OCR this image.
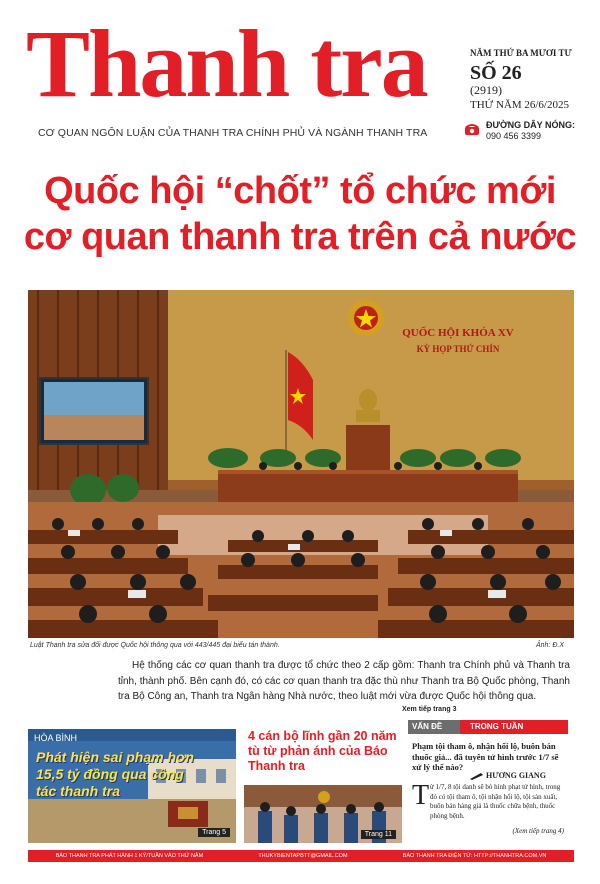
Thanh tra
CƠ QUAN NGÔN LUẬN CỦA THANH TRA CHÍNH PHỦ VÀ NGÀNH THANH TRA
NĂM THỨ BA MƯƠI TƯ
SỐ 26
(2919)
THỨ NĂM 26/6/2025
ĐƯỜNG DÂY NÓNG:
090 456 3399
Quốc hội “chốt” tổ chức mới
cơ quan thanh tra trên cả nước
QUỐC HỘI KHÓA XV
KỲ HỌP THỨ CHÍN
Luật Thanh tra sửa đổi được Quốc hội thông qua với 443/445 đại biểu tán thành.	Ảnh: Đ.X
Hệ thống các cơ quan thanh tra được tổ chức theo 2 cấp gồm: Thanh tra Chính phủ và Thanh tra tỉnh, thành phố. Bên cạnh đó, có các cơ quan thanh tra đặc thù như Thanh tra Bộ Quốc phòng, Thanh tra Bộ Công an, Thanh tra Ngân hàng Nhà nước, theo luật mới vừa được Quốc hội thông qua.
Xem tiếp trang 3
HÒA BÌNH
Phát hiện sai phạm hơn 15,5 tỷ đồng qua công tác thanh tra
Trang 5
4 cán bộ lĩnh gần 20 năm tù từ phản ánh của Báo Thanh tra
Trang 11
VẤN ĐỀ	TRONG TUẦN
Phạm tội tham ô, nhận hối lộ, buôn bán thuốc giả... đã tuyên tử hình trước 1/7 sẽ xử lý thế nào?
HƯƠNG GIANG
T ừ 1/7, 8 tội danh sẽ bỏ hình phạt tử hình, trong đó có tội tham ô, tội nhận hối lộ, tội sản xuất, buôn bán hàng giả là thuốc chữa bệnh, thuốc phòng bệnh.
(Xem tiếp trang 4)
BÁO THANH TRA PHÁT HÀNH 1 KỲ/TUẦN VÀO THỨ NĂM	THUKYBIENTAPBTT@GMAIL.COM	BÁO THANH TRA ĐIỆN TỬ: HTTP://THANHTRA.COM.VN
